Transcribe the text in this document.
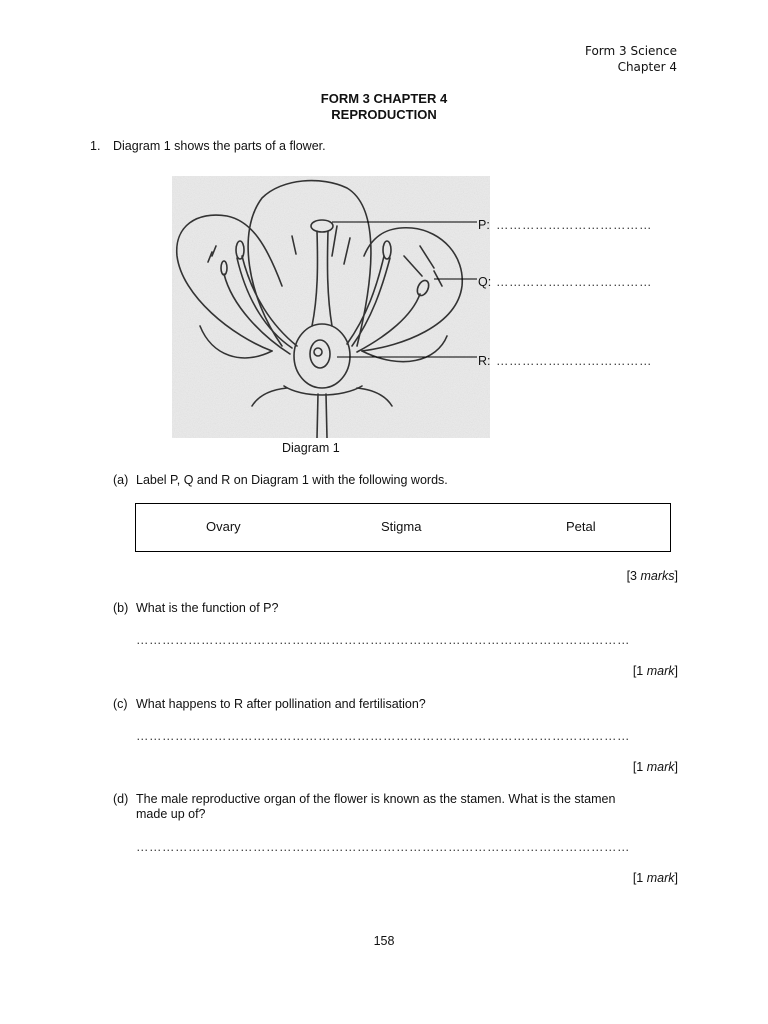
Form 3 Science
Chapter 4
FORM 3 CHAPTER 4
REPRODUCTION
1. Diagram 1 shows the parts of a flower.
P: ………………………………
Q: ………………………………
R: ………………………………
Diagram 1
(a) Label P, Q and R on Diagram 1 with the following words.
Ovary	Stigma	Petal
[3 marks]
(b) What is the function of P?
……………………………………………………………………………………………………
[1 mark]
(c) What happens to R after pollination and fertilisation?
……………………………………………………………………………………………………
[1 mark]
(d) The male reproductive organ of the flower is known as the stamen. What is the stamen
made up of?
……………………………………………………………………………………………………
[1 mark]
158
